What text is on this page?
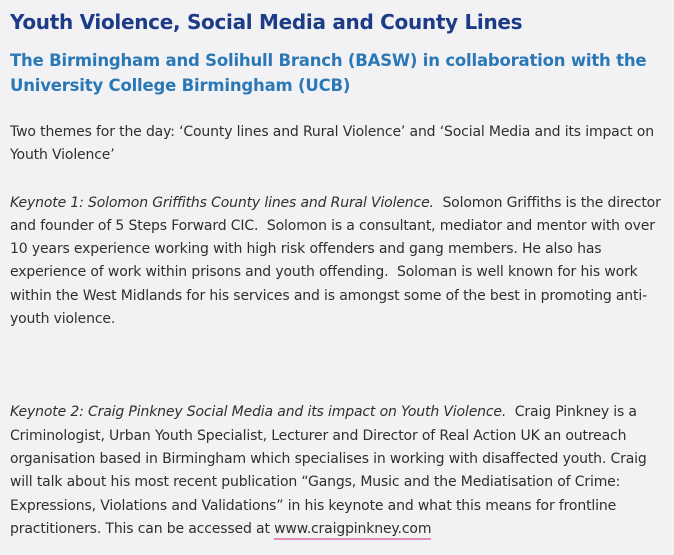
Youth Violence, Social Media and County Lines
The Birmingham and Solihull Branch (BASW) in collaboration with the University College Birmingham (UCB)

Two themes for the day: ‘County lines and Rural Violence’ and ‘Social Media and its impact on Youth Violence’

Keynote 1: Solomon Griffiths County lines and Rural Violence.  Solomon Griffiths is the director and founder of 5 Steps Forward CIC.  Solomon is a consultant, mediator and mentor with over 10 years experience working with high risk offenders and gang members. He also has experience of work within prisons and youth offending.  Soloman is well known for his work within the West Midlands for his services and is amongst some of the best in promoting anti-youth violence.

Keynote 2: Craig Pinkney Social Media and its impact on Youth Violence.  Craig Pinkney is a Criminologist, Urban Youth Specialist, Lecturer and Director of Real Action UK an outreach organisation based in Birmingham which specialises in working with disaffected youth. Craig will talk about his most recent publication “Gangs, Music and the Mediatisation of Crime: Expressions, Violations and Validations” in his keynote and what this means for frontline practitioners. This can be accessed at www.craigpinkney.com
